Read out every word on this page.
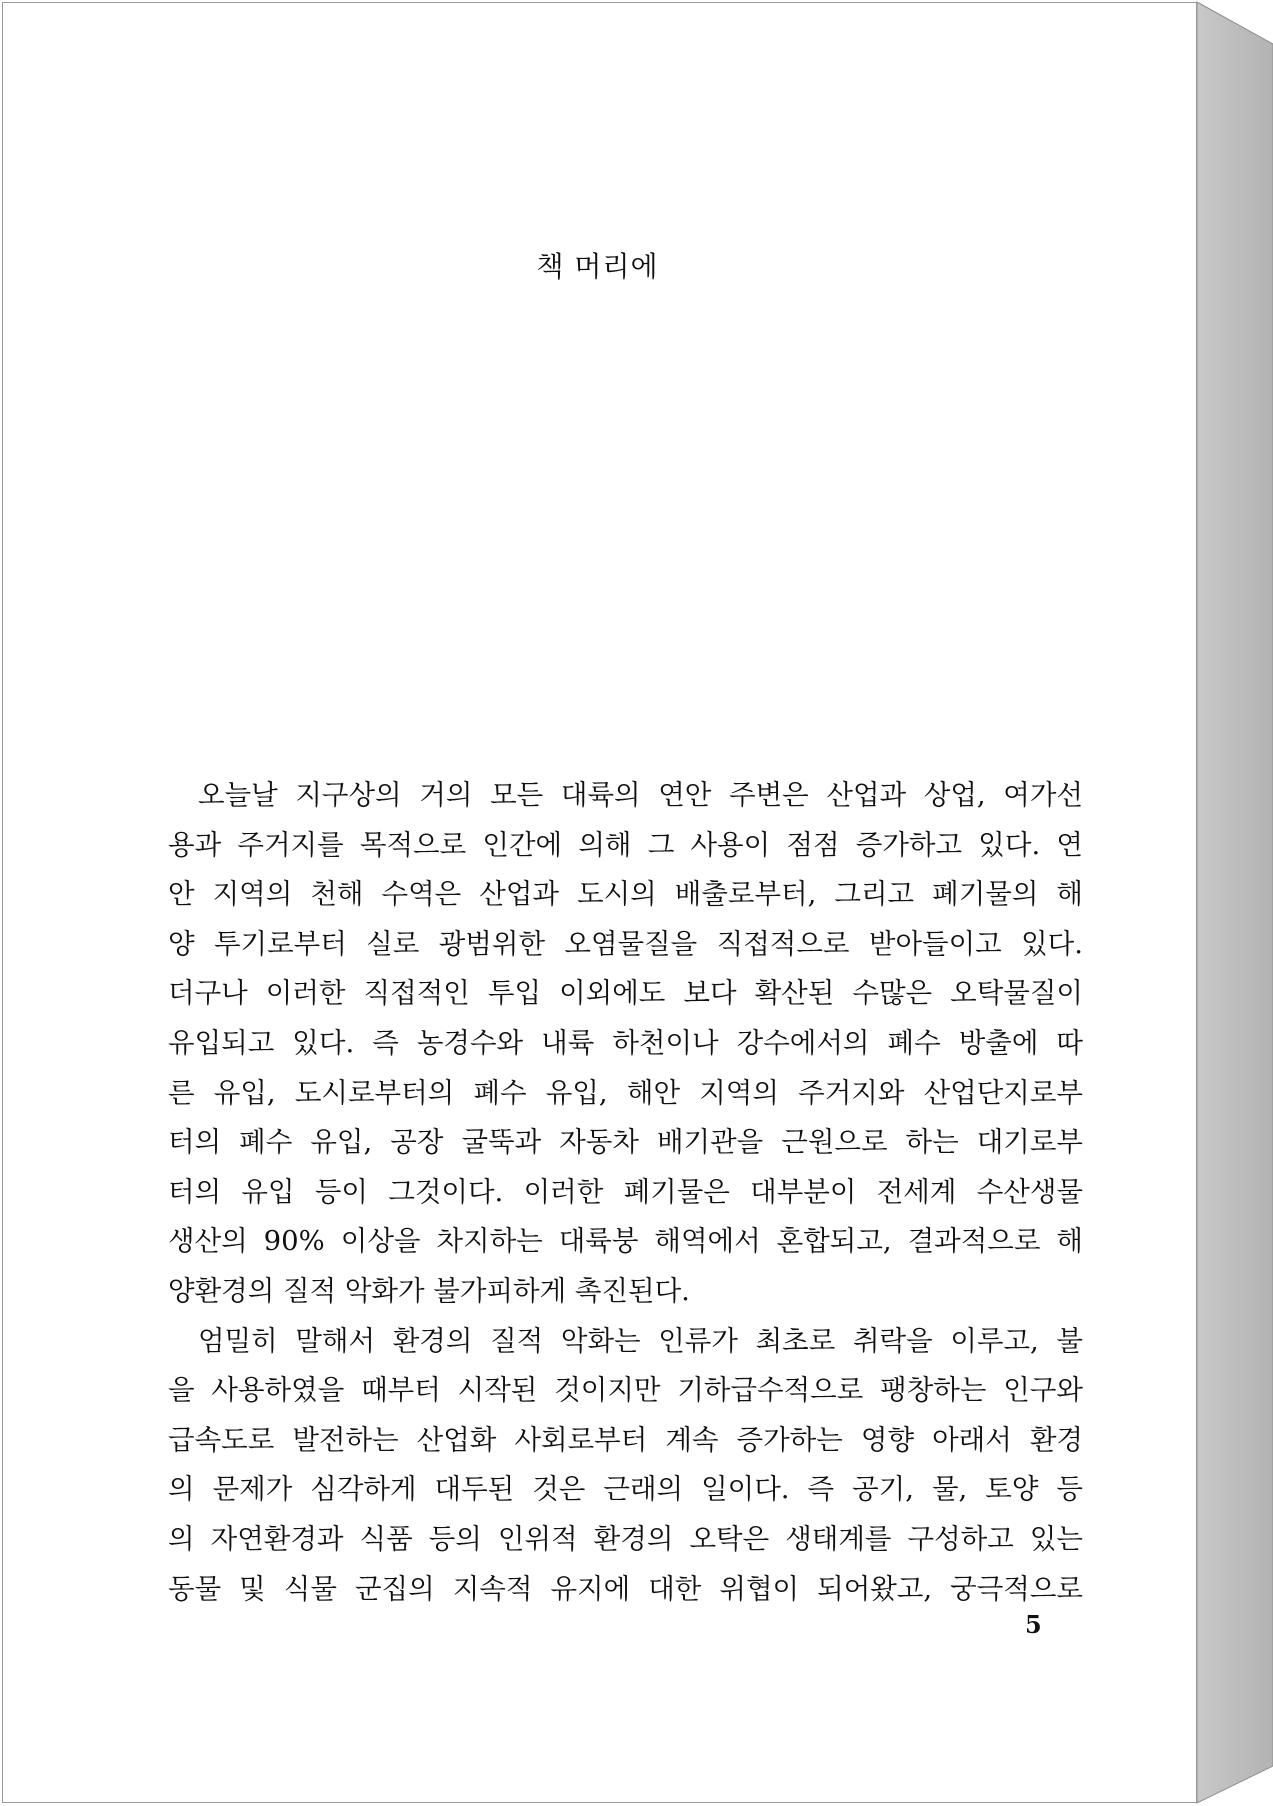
책 머리에
오늘날 지구상의 거의 모든 대륙의 연안 주변은 산업과 상업, 여가선
용과 주거지를 목적으로 인간에 의해 그 사용이 점점 증가하고 있다. 연
안 지역의 천해 수역은 산업과 도시의 배출로부터, 그리고 폐기물의 해
양 투기로부터 실로 광범위한 오염물질을 직접적으로 받아들이고 있다.
더구나 이러한 직접적인 투입 이외에도 보다 확산된 수많은 오탁물질이
유입되고 있다. 즉 농경수와 내륙 하천이나 강수에서의 폐수 방출에 따
른 유입, 도시로부터의 폐수 유입, 해안 지역의 주거지와 산업단지로부
터의 폐수 유입, 공장 굴뚝과 자동차 배기관을 근원으로 하는 대기로부
터의 유입 등이 그것이다. 이러한 폐기물은 대부분이 전세계 수산생물
생산의 90% 이상을 차지하는 대륙붕 해역에서 혼합되고, 결과적으로 해
양환경의 질적 악화가 불가피하게 촉진된다.
엄밀히 말해서 환경의 질적 악화는 인류가 최초로 취락을 이루고, 불
을 사용하였을 때부터 시작된 것이지만 기하급수적으로 팽창하는 인구와
급속도로 발전하는 산업화 사회로부터 계속 증가하는 영향 아래서 환경
의 문제가 심각하게 대두된 것은 근래의 일이다. 즉 공기, 물, 토양 등
의 자연환경과 식품 등의 인위적 환경의 오탁은 생태계를 구성하고 있는
동물 및 식물 군집의 지속적 유지에 대한 위협이 되어왔고, 궁극적으로
5
